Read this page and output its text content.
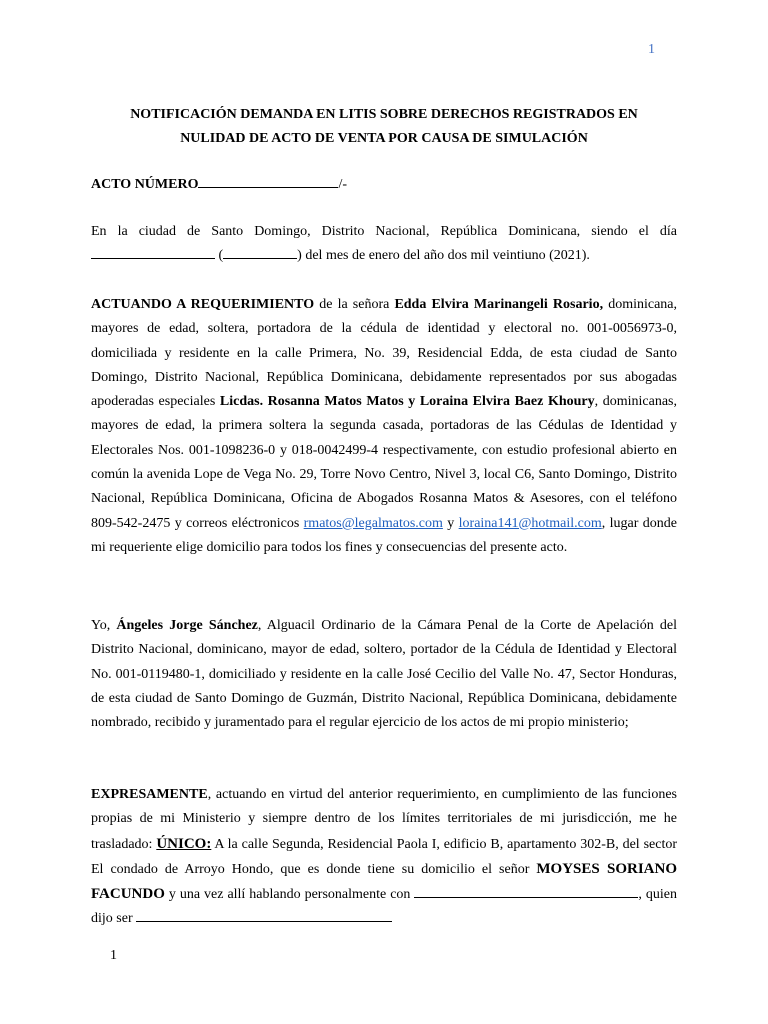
1
NOTIFICACIÓN DEMANDA EN LITIS SOBRE DERECHOS REGISTRADOS EN
NULIDAD DE ACTO DE VENTA POR CAUSA DE SIMULACIÓN
ACTO NÚMERO	/-
En la ciudad de Santo Domingo, Distrito Nacional, República Dominicana, siendo el día  (	) del mes de enero del año dos mil veintiuno (2021).
ACTUANDO A REQUERIMIENTO de la señora Edda Elvira Marinangeli Rosario, dominicana, mayores de edad, soltera, portadora de la cédula de identidad y electoral no. 001-0056973-0, domiciliada y residente en la calle Primera, No. 39, Residencial Edda, de esta ciudad de Santo Domingo, Distrito Nacional, República Dominicana, debidamente representados por sus abogadas apoderadas especiales Licdas. Rosanna Matos Matos y Loraina Elvira Baez Khoury, dominicanas, mayores de edad, la primera soltera la segunda casada, portadoras de las Cédulas de Identidad y Electorales Nos. 001-1098236-0 y 018-0042499-4 respectivamente, con estudio profesional abierto en común la avenida Lope de Vega No. 29, Torre Novo Centro, Nivel 3, local C6, Santo Domingo, Distrito Nacional, República Dominicana, Oficina de Abogados Rosanna Matos & Asesores, con el teléfono 809-542-2475 y correos eléctronicos rmatos@legalmatos.com y loraina141@hotmail.com, lugar donde mi requeriente elige domicilio para todos los fines y consecuencias del presente acto.
Yo, Ángeles Jorge Sánchez, Alguacil Ordinario de la Cámara Penal de la Corte de Apelación del Distrito Nacional, dominicano, mayor de edad, soltero, portador de la Cédula de Identidad y Electoral No. 001-0119480-1, domiciliado y residente en la calle José Cecilio del Valle No. 47, Sector Honduras, de esta ciudad de Santo Domingo de Guzmán, Distrito Nacional, República Dominicana, debidamente nombrado, recibido y juramentado para el regular ejercicio de los actos de mi propio ministerio;
EXPRESAMENTE, actuando en virtud del anterior requerimiento, en cumplimiento de las funciones propias de mi Ministerio y siempre dentro de los límites territoriales de mi jurisdicción, me he trasladado: ÚNICO: A la calle Segunda, Residencial Paola I, edificio B, apartamento 302-B, del sector El condado de Arroyo Hondo, que es donde tiene su domicilio el señor MOYSES SORIANO FACUNDO y una vez allí hablando personalmente con	, quien dijo ser
1
